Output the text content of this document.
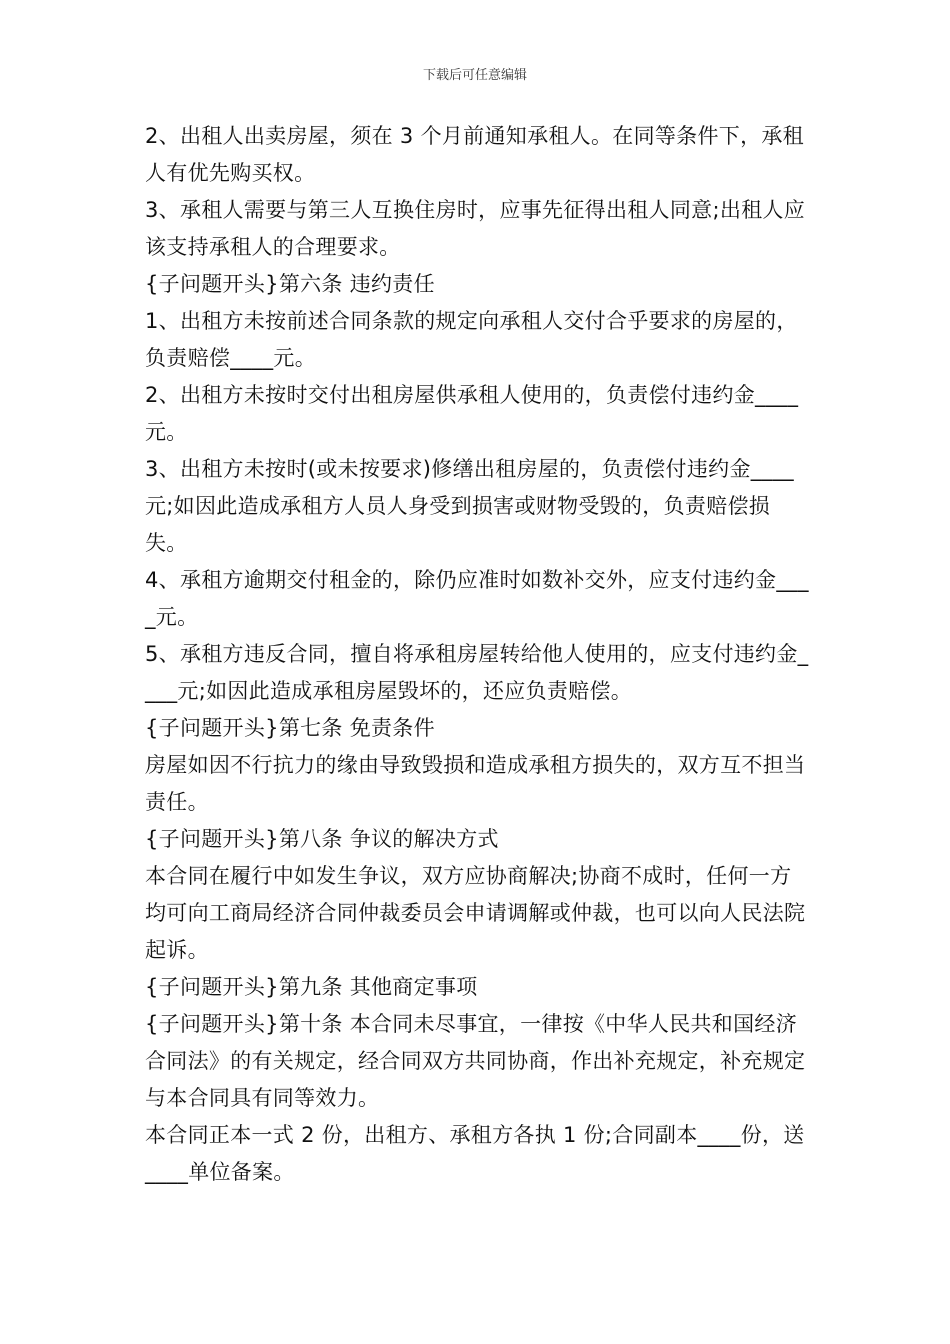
下载后可任意编辑

2、出租人出卖房屋，须在 3 个月前通知承租人。在同等条件下，承租人有优先购买权。

3、承租人需要与第三人互换住房时，应事先征得出租人同意;出租人应该支持承租人的合理要求。

{子问题开头}第六条 违约责任

1、出租方未按前述合同条款的规定向承租人交付合乎要求的房屋的，负责赔偿____元。

2、出租方未按时交付出租房屋供承租人使用的，负责偿付违约金____元。

3、出租方未按时(或未按要求)修缮出租房屋的，负责偿付违约金____元;如因此造成承租方人员人身受到损害或财物受毁的，负责赔偿损失。

4、承租方逾期交付租金的，除仍应准时如数补交外，应支付违约金____元。

5、承租方违反合同，擅自将承租房屋转给他人使用的，应支付违约金____元;如因此造成承租房屋毁坏的，还应负责赔偿。

{子问题开头}第七条 免责条件

房屋如因不行抗力的缘由导致毁损和造成承租方损失的，双方互不担当责任。

{子问题开头}第八条 争议的解决方式

本合同在履行中如发生争议，双方应协商解决;协商不成时，任何一方均可向工商局经济合同仲裁委员会申请调解或仲裁，也可以向人民法院起诉。

{子问题开头}第九条 其他商定事项

{子问题开头}第十条 本合同未尽事宜，一律按《中华人民共和国经济合同法》的有关规定，经合同双方共同协商，作出补充规定，补充规定与本合同具有同等效力。

本合同正本一式 2 份，出租方、承租方各执 1 份;合同副本____份，送____单位备案。
